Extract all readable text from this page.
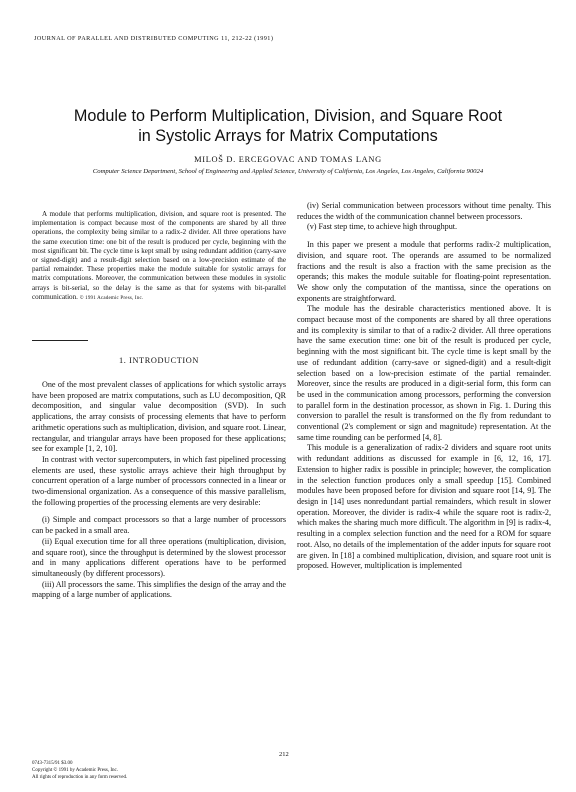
JOURNAL OF PARALLEL AND DISTRIBUTED COMPUTING 11, 212-22 (1991)
Module to Perform Multiplication, Division, and Square Root
in Systolic Arrays for Matrix Computations
MILOŠ D. ERCEGOVAC AND TOMAS LANG
Computer Science Department, School of Engineering and Applied Science, University of California, Los Angeles, Los Angeles, California 90024
A module that performs multiplication, division, and square root is presented. The implementation is compact because most of the components are shared by all three operations, the complexity being similar to a radix-2 divider. All three operations have the same execution time: one bit of the result is produced per cycle, beginning with the most significant bit. The cycle time is kept small by using redundant addition (carry-save or signed-digit) and a result-digit selection based on a low-precision estimate of the partial remainder. These properties make the module suitable for systolic arrays for matrix computations. Moreover, the communication between these modules in systolic arrays is bit-serial, so the delay is the same as that for systems with bit-parallel communication. © 1991 Academic Press, Inc.
1. INTRODUCTION

One of the most prevalent classes of applications for which systolic arrays have been proposed are matrix computations, such as LU decomposition, QR decomposition, and singular value decomposition (SVD). In such applications, the array consists of processing elements that have to perform arithmetic operations such as multiplication, division, and square root. Linear, rectangular, and triangular arrays have been proposed for these applications; see for example [1, 2, 10].

In contrast with vector supercomputers, in which fast pipelined processing elements are used, these systolic arrays achieve their high throughput by concurrent operation of a large number of processors connected in a linear or two-dimensional organization. As a consequence of this massive parallelism, the following properties of the processing elements are very desirable:

(i) Simple and compact processors so that a large number of processors can be packed in a small area.

(ii) Equal execution time for all three operations (multiplication, division, and square root), since the throughput is determined by the slowest processor and in many applications different operations have to be performed simultaneously (by different processors).

(iii) All processors the same. This simplifies the design of the array and the mapping of a large number of applications.

(iv) Serial communication between processors without time penalty. This reduces the width of the communication channel between processors.

(v) Fast step time, to achieve high throughput.

In this paper we present a module that performs radix-2 multiplication, division, and square root. The operands are assumed to be normalized fractions and the result is also a fraction with the same precision as the operands; this makes the module suitable for floating-point representation. We show only the computation of the mantissa, since the operations on exponents are straightforward.

The module has the desirable characteristics mentioned above. It is compact because most of the components are shared by all three operations and its complexity is similar to that of a radix-2 divider. All three operations have the same execution time: one bit of the result is produced per cycle, beginning with the most significant bit. The cycle time is kept small by the use of redundant addition (carry-save or signed-digit) and a result-digit selection based on a low-precision estimate of the partial remainder. Moreover, since the results are produced in a digit-serial form, this form can be used in the communication among processors, performing the conversion to parallel form in the destination processor, as shown in Fig. 1. During this conversion to parallel the result is transformed on the fly from redundant to conventional (2's complement or sign and magnitude) representation. At the same time rounding can be performed [4, 8].

This module is a generalization of radix-2 dividers and square root units with redundant additions as discussed for example in [6, 12, 16, 17]. Extension to higher radix is possible in principle; however, the complication in the selection function produces only a small speedup [15]. Combined modules have been proposed before for division and square root [14, 9]. The design in [14] uses nonredundant partial remainders, which result in slower operation. Moreover, the divider is radix-4 while the square root is radix-2, which makes the sharing much more difficult. The algorithm in [9] is radix-4, resulting in a complex selection function and the need for a ROM for square root. Also, no details of the implementation of the adder inputs for square root are given. In [18] a combined multiplication, division, and square root unit is proposed. However, multiplication is implemented

212
0743-7315/91 $3.00
Copyright © 1991 by Academic Press, Inc.
All rights of reproduction in any form reserved.
